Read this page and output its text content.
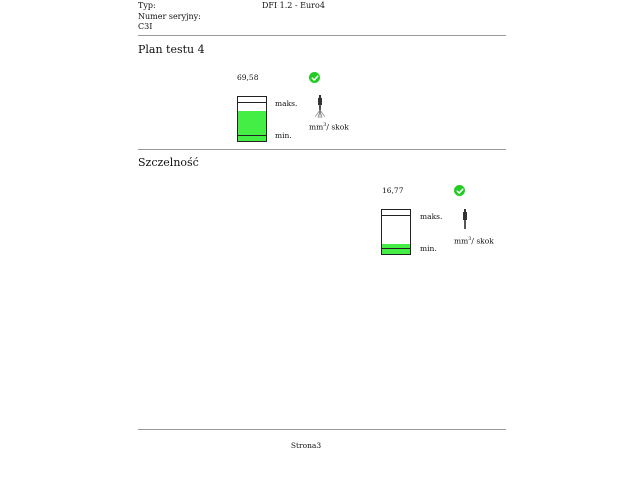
Typ:	DFI 1.2 - Euro4
Numer seryjny:
C3I
Plan testu 4
69,58
maks.
min.
$mm^3/$ skok
Szczelność
16,77
maks.
min.
$mm^3/$ skok
Strona3
